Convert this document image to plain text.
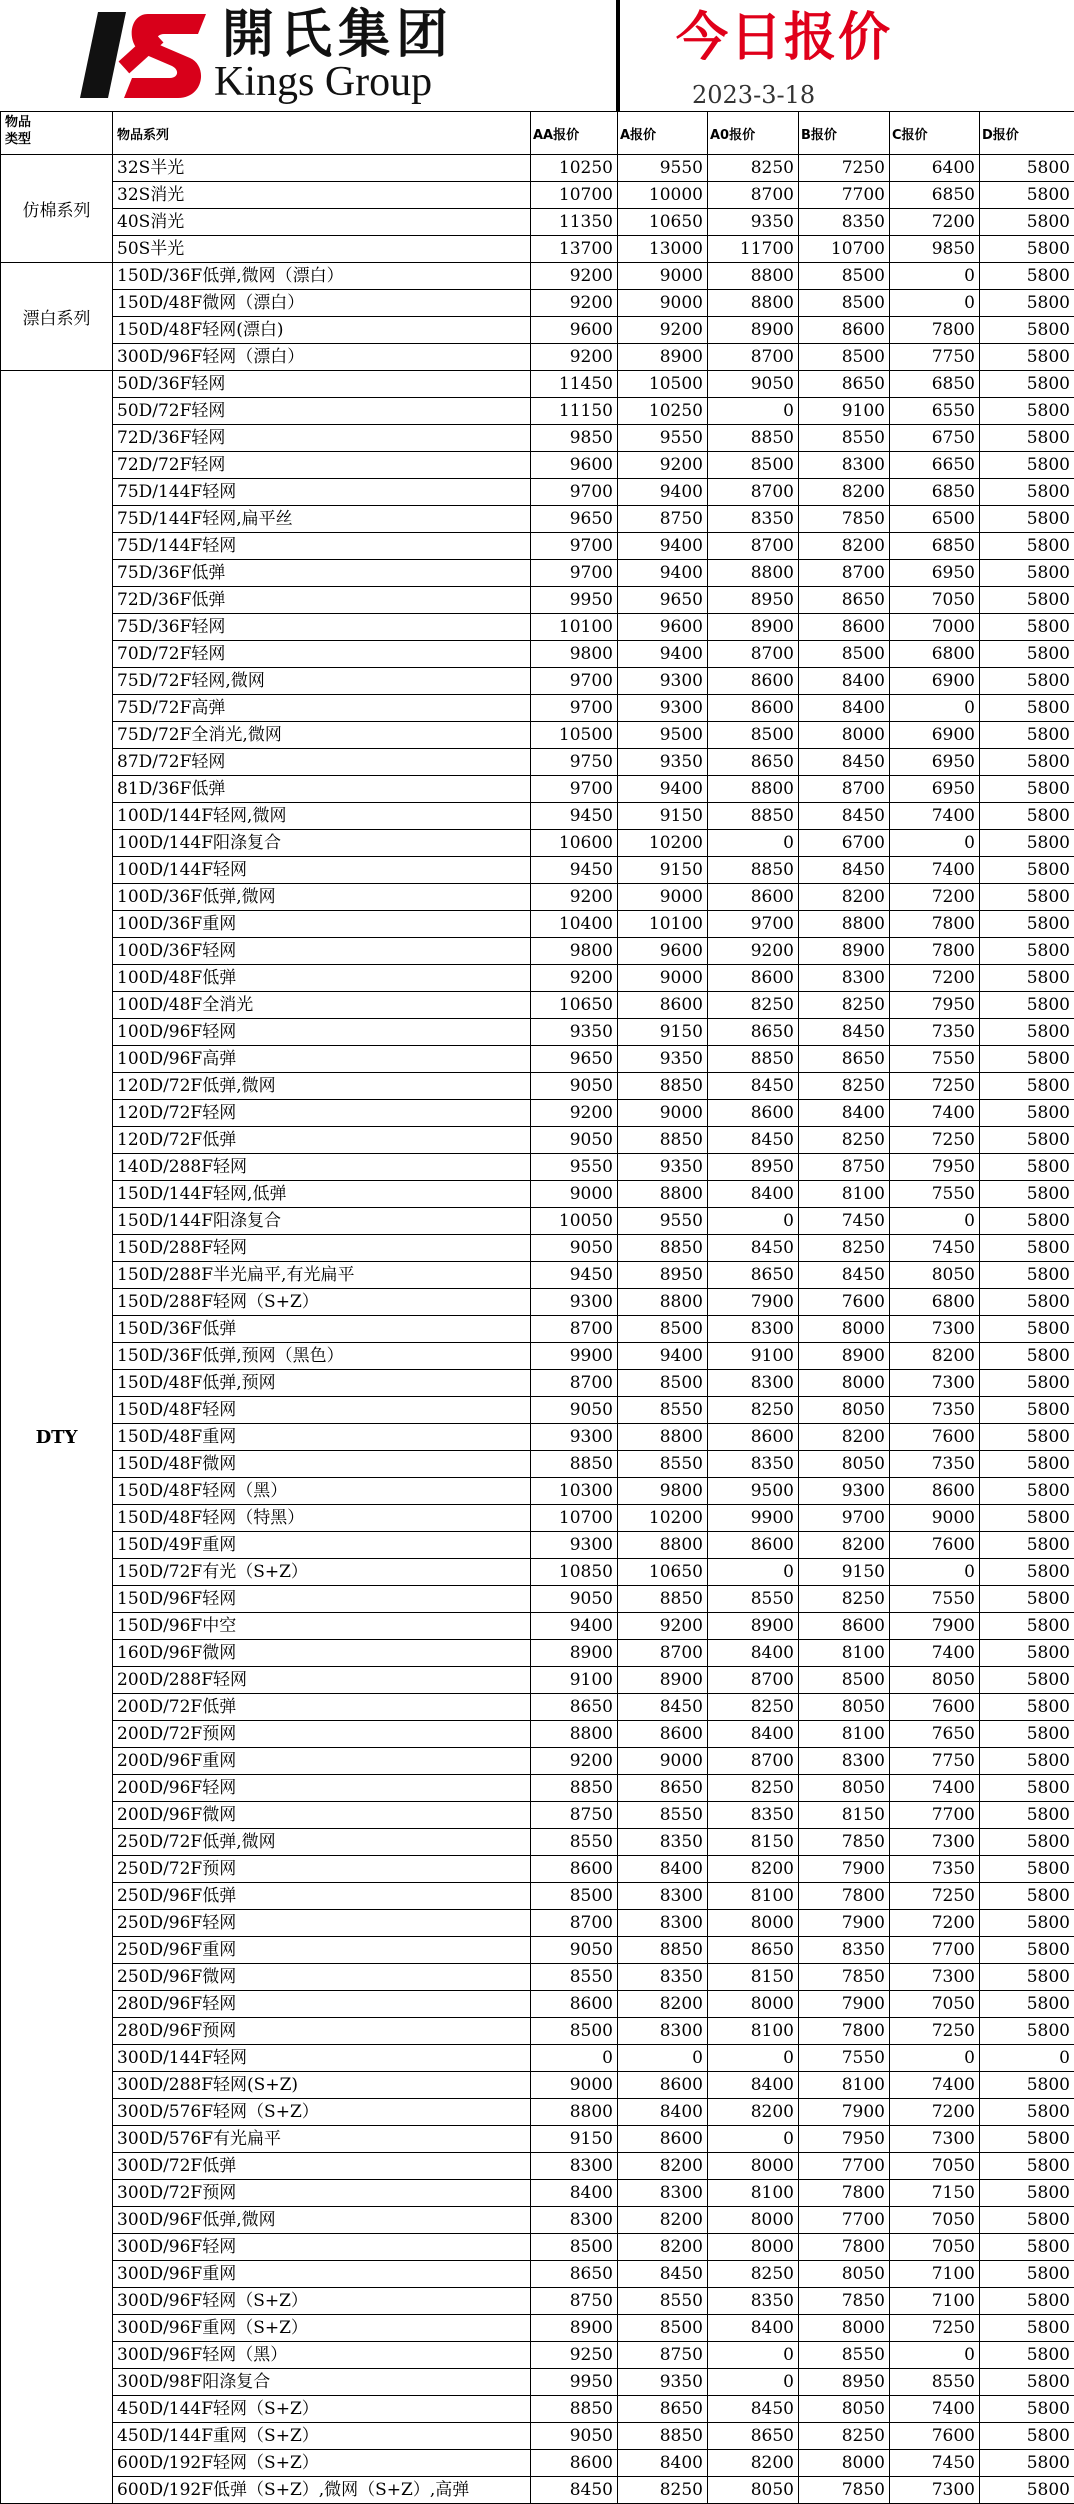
開氏集团
Kings Group
今日报价
2023-3-18
物品
类型	物品系列	AA报价	A报价	A0报价	B报价	C报价	D报价
仿棉系列	32S半光	10250	9550	8250	7250	6400	5800
	32S消光	10700	10000	8700	7700	6850	5800
	40S消光	11350	10650	9350	8350	7200	5800
	50S半光	13700	13000	11700	10700	9850	5800
漂白系列	150D/36F低弹,微网（漂白）	9200	9000	8800	8500	0	5800
	150D/48F微网（漂白）	9200	9000	8800	8500	0	5800
	150D/48F轻网(漂白)	9600	9200	8900	8600	7800	5800
	300D/96F轻网（漂白）	9200	8900	8700	8500	7750	5800
DTY	50D/36F轻网	11450	10500	9050	8650	6850	5800
	50D/72F轻网	11150	10250	0	9100	6550	5800
	72D/36F轻网	9850	9550	8850	8550	6750	5800
	72D/72F轻网	9600	9200	8500	8300	6650	5800
	75D/144F轻网	9700	9400	8700	8200	6850	5800
	75D/144F轻网,扁平丝	9650	8750	8350	7850	6500	5800
	75D/144F轻网	9700	9400	8700	8200	6850	5800
	75D/36F低弹	9700	9400	8800	8700	6950	5800
	72D/36F低弹	9950	9650	8950	8650	7050	5800
	75D/36F轻网	10100	9600	8900	8600	7000	5800
	70D/72F轻网	9800	9400	8700	8500	6800	5800
	75D/72F轻网,微网	9700	9300	8600	8400	6900	5800
	75D/72F高弹	9700	9300	8600	8400	0	5800
	75D/72F全消光,微网	10500	9500	8500	8000	6900	5800
	87D/72F轻网	9750	9350	8650	8450	6950	5800
	81D/36F低弹	9700	9400	8800	8700	6950	5800
	100D/144F轻网,微网	9450	9150	8850	8450	7400	5800
	100D/144F阳涤复合	10600	10200	0	6700	0	5800
	100D/144F轻网	9450	9150	8850	8450	7400	5800
	100D/36F低弹,微网	9200	9000	8600	8200	7200	5800
	100D/36F重网	10400	10100	9700	8800	7800	5800
	100D/36F轻网	9800	9600	9200	8900	7800	5800
	100D/48F低弹	9200	9000	8600	8300	7200	5800
	100D/48F全消光	10650	8600	8250	8250	7950	5800
	100D/96F轻网	9350	9150	8650	8450	7350	5800
	100D/96F高弹	9650	9350	8850	8650	7550	5800
	120D/72F低弹,微网	9050	8850	8450	8250	7250	5800
	120D/72F轻网	9200	9000	8600	8400	7400	5800
	120D/72F低弹	9050	8850	8450	8250	7250	5800
	140D/288F轻网	9550	9350	8950	8750	7950	5800
	150D/144F轻网,低弹	9000	8800	8400	8100	7550	5800
	150D/144F阳涤复合	10050	9550	0	7450	0	5800
	150D/288F轻网	9050	8850	8450	8250	7450	5800
	150D/288F半光扁平,有光扁平	9450	8950	8650	8450	8050	5800
	150D/288F轻网（S+Z）	9300	8800	7900	7600	6800	5800
	150D/36F低弹	8700	8500	8300	8000	7300	5800
	150D/36F低弹,预网（黑色）	9900	9400	9100	8900	8200	5800
	150D/48F低弹,预网	8700	8500	8300	8000	7300	5800
	150D/48F轻网	9050	8550	8250	8050	7350	5800
	150D/48F重网	9300	8800	8600	8200	7600	5800
	150D/48F微网	8850	8550	8350	8050	7350	5800
	150D/48F轻网（黑）	10300	9800	9500	9300	8600	5800
	150D/48F轻网（特黑）	10700	10200	9900	9700	9000	5800
	150D/49F重网	9300	8800	8600	8200	7600	5800
	150D/72F有光（S+Z）	10850	10650	0	9150	0	5800
	150D/96F轻网	9050	8850	8550	8250	7550	5800
	150D/96F中空	9400	9200	8900	8600	7900	5800
	160D/96F微网	8900	8700	8400	8100	7400	5800
	200D/288F轻网	9100	8900	8700	8500	8050	5800
	200D/72F低弹	8650	8450	8250	8050	7600	5800
	200D/72F预网	8800	8600	8400	8100	7650	5800
	200D/96F重网	9200	9000	8700	8300	7750	5800
	200D/96F轻网	8850	8650	8250	8050	7400	5800
	200D/96F微网	8750	8550	8350	8150	7700	5800
	250D/72F低弹,微网	8550	8350	8150	7850	7300	5800
	250D/72F预网	8600	8400	8200	7900	7350	5800
	250D/96F低弹	8500	8300	8100	7800	7250	5800
	250D/96F轻网	8700	8300	8000	7900	7200	5800
	250D/96F重网	9050	8850	8650	8350	7700	5800
	250D/96F微网	8550	8350	8150	7850	7300	5800
	280D/96F轻网	8600	8200	8000	7900	7050	5800
	280D/96F预网	8500	8300	8100	7800	7250	5800
	300D/144F轻网	0	0	0	7550	0	0
	300D/288F轻网(S+Z)	9000	8600	8400	8100	7400	5800
	300D/576F轻网（S+Z）	8800	8400	8200	7900	7200	5800
	300D/576F有光扁平	9150	8600	0	7950	7300	5800
	300D/72F低弹	8300	8200	8000	7700	7050	5800
	300D/72F预网	8400	8300	8100	7800	7150	5800
	300D/96F低弹,微网	8300	8200	8000	7700	7050	5800
	300D/96F轻网	8500	8200	8000	7800	7050	5800
	300D/96F重网	8650	8450	8250	8050	7100	5800
	300D/96F轻网（S+Z）	8750	8550	8350	7850	7100	5800
	300D/96F重网（S+Z）	8900	8500	8400	8000	7250	5800
	300D/96F轻网（黑）	9250	8750	0	8550	0	5800
	300D/98F阳涤复合	9950	9350	0	8950	8550	5800
	450D/144F轻网（S+Z）	8850	8650	8450	8050	7400	5800
	450D/144F重网（S+Z）	9050	8850	8650	8250	7600	5800
	600D/192F轻网（S+Z）	8600	8400	8200	8000	7450	5800
	600D/192F低弹（S+Z）,微网（S+Z）,高弹	8450	8250	8050	7850	7300	5800
